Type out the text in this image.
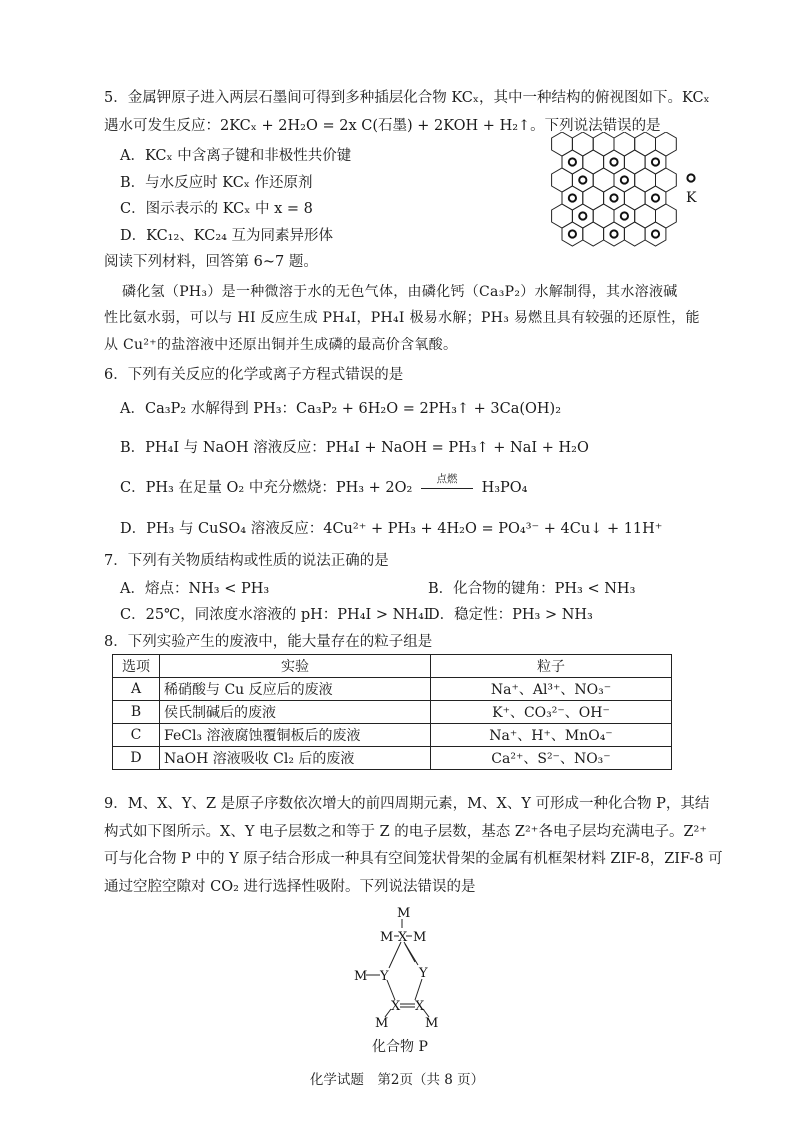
5．金属钾原子进入两层石墨间可得到多种插层化合物 KCₓ，其中一种结构的俯视图如下。KCₓ
遇水可发生反应：2KCₓ + 2H₂O = 2x C(石墨) + 2KOH + H₂↑。下列说法错误的是
A．KCₓ 中含离子键和非极性共价键
B．与水反应时 KCₓ 作还原剂
C．图示表示的 KCₓ 中 x = 8
D．KC₁₂、KC₂₄ 互为同素异形体
K
阅读下列材料，回答第 6~7 题。
磷化氢（PH₃）是一种微溶于水的无色气体，由磷化钙（Ca₃P₂）水解制得，其水溶液碱
性比氨水弱，可以与 HI 反应生成 PH₄I，PH₄I 极易水解；PH₃ 易燃且具有较强的还原性，能
从 Cu²⁺的盐溶液中还原出铜并生成磷的最高价含氧酸。
6．下列有关反应的化学或离子方程式错误的是
A．Ca₃P₂ 水解得到 PH₃：Ca₃P₂ + 6H₂O = 2PH₃↑ + 3Ca(OH)₂
B．PH₄I 与 NaOH 溶液反应：PH₄I + NaOH = PH₃↑ + NaI + H₂O
C．PH₃ 在足量 O₂ 中充分燃烧：PH₃ + 2O₂
点燃
H₃PO₄
D．PH₃ 与 CuSO₄ 溶液反应：4Cu²⁺ + PH₃ + 4H₂O = PO₄³⁻ + 4Cu↓ + 11H⁺
7．下列有关物质结构或性质的说法正确的是
A．熔点：NH₃ < PH₃	B．化合物的键角：PH₃ < NH₃
C．25℃，同浓度水溶液的 pH：PH₄I > NH₄I
D．稳定性：PH₃ > NH₃
8．下列实验产生的废液中，能大量存在的粒子组是
选项	实验	粒子
A	稀硝酸与 Cu 反应后的废液	Na⁺、Al³⁺、NO₃⁻
B	侯氏制碱后的废液	K⁺、CO₃²⁻、OH⁻
C	FeCl₃ 溶液腐蚀覆铜板后的废液	Na⁺、H⁺、MnO₄⁻
D	NaOH 溶液吸收 Cl₂ 后的废液	Ca²⁺、S²⁻、NO₃⁻
9．M、X、Y、Z 是原子序数依次增大的前四周期元素，M、X、Y 可形成一种化合物 P，其结
构式如下图所示。X、Y 电子层数之和等于 Z 的电子层数，基态 Z²⁺各电子层均充满电子。Z²⁺
可与化合物 P 中的 Y 原子结合形成一种具有空间笼状骨架的金属有机框架材料 ZIF-8，ZIF-8 可
通过空腔空隙对 CO₂ 进行选择性吸附。下列说法错误的是
M
M X M
M Y Y
X X
M	M
化合物 P
化学试题　第2页（共 8 页）
